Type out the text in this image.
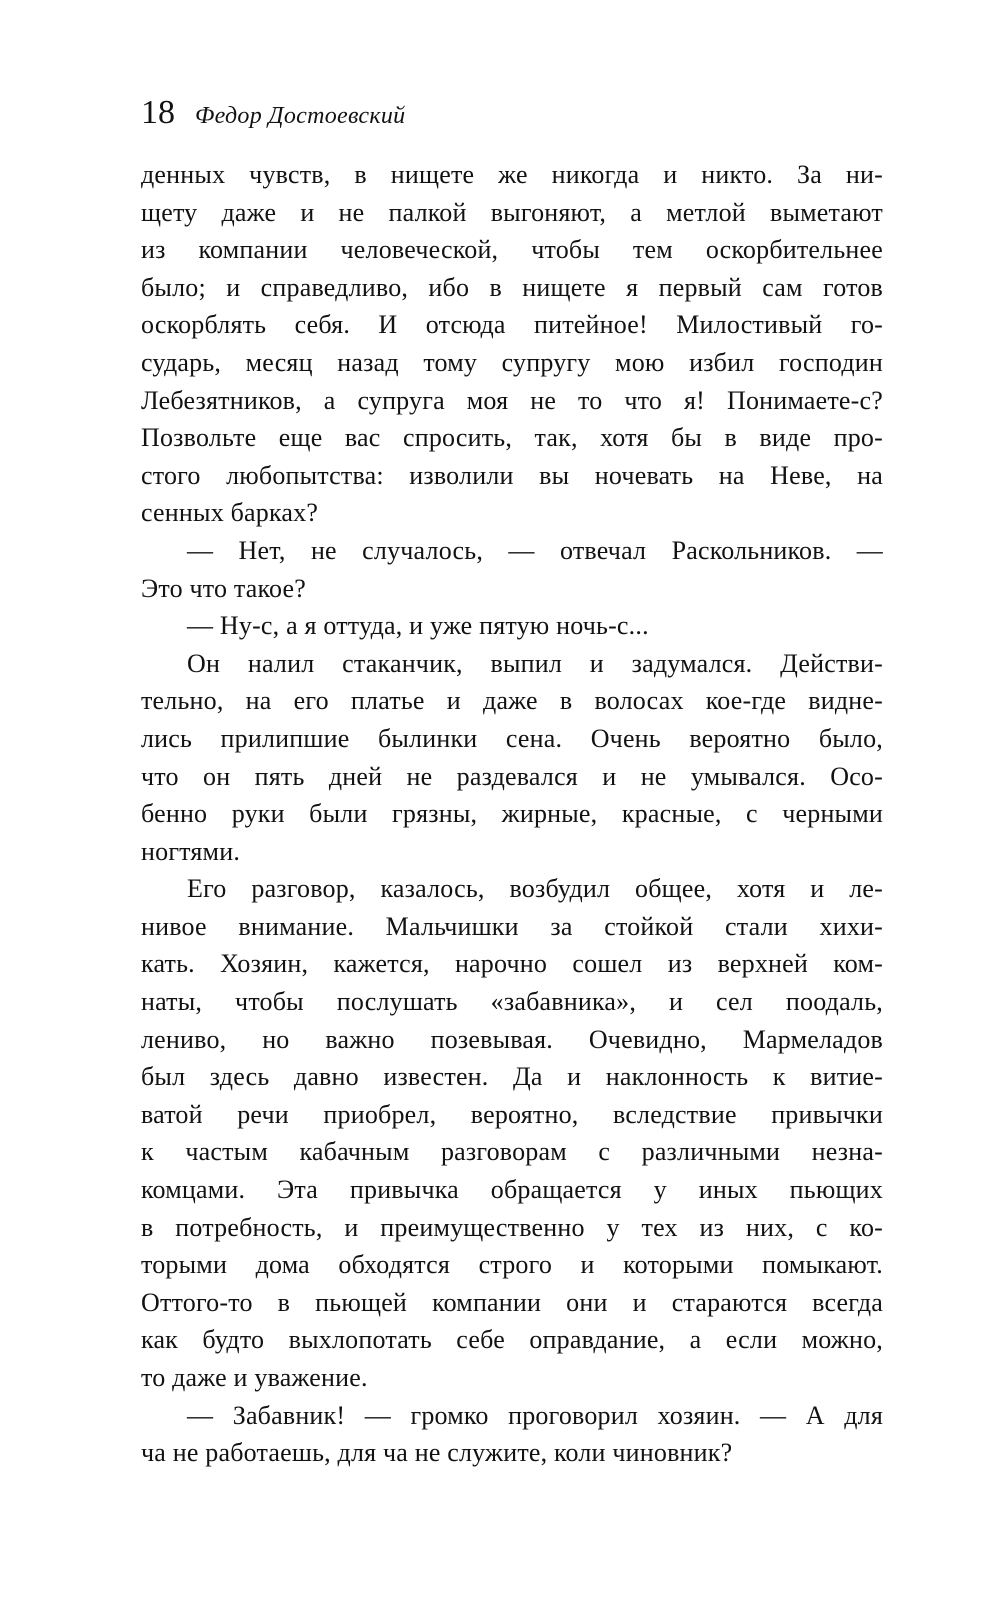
18 Федор Достоевский
денных чувств, в нищете же никогда и никто. За ни-
щету даже и не палкой выгоняют, а метлой выметают
из компании человеческой, чтобы тем оскорбительнее
было; и справедливо, ибо в нищете я первый сам готов
оскорблять себя. И отсюда питейное! Милостивый го-
сударь, месяц назад тому супругу мою избил господин
Лебезятников, а супруга моя не то что я! Понимаете-с?
Позвольте еще вас спросить, так, хотя бы в виде про-
стого любопытства: изволили вы ночевать на Неве, на
сенных барках?
— Нет, не случалось, — отвечал Раскольников. —
Это что такое?
— Ну-с, а я оттуда, и уже пятую ночь-с...
Он налил стаканчик, выпил и задумался. Действи-
тельно, на его платье и даже в волосах кое-где видне-
лись прилипшие былинки сена. Очень вероятно было,
что он пять дней не раздевался и не умывался. Осо-
бенно руки были грязны, жирные, красные, с черными
ногтями.
Его разговор, казалось, возбудил общее, хотя и ле-
нивое внимание. Мальчишки за стойкой стали хихи-
кать. Хозяин, кажется, нарочно сошел из верхней ком-
наты, чтобы послушать «забавника», и сел поодаль,
лениво, но важно позевывая. Очевидно, Мармеладов
был здесь давно известен. Да и наклонность к витие-
ватой речи приобрел, вероятно, вследствие привычки
к частым кабачным разговорам с различными незна-
комцами. Эта привычка обращается у иных пьющих
в потребность, и преимущественно у тех из них, с ко-
торыми дома обходятся строго и которыми помыкают.
Оттого-то в пьющей компании они и стараются всегда
как будто выхлопотать себе оправдание, а если можно,
то даже и уважение.
— Забавник! — громко проговорил хозяин. — А для
ча не работаешь, для ча не служите, коли чиновник?
